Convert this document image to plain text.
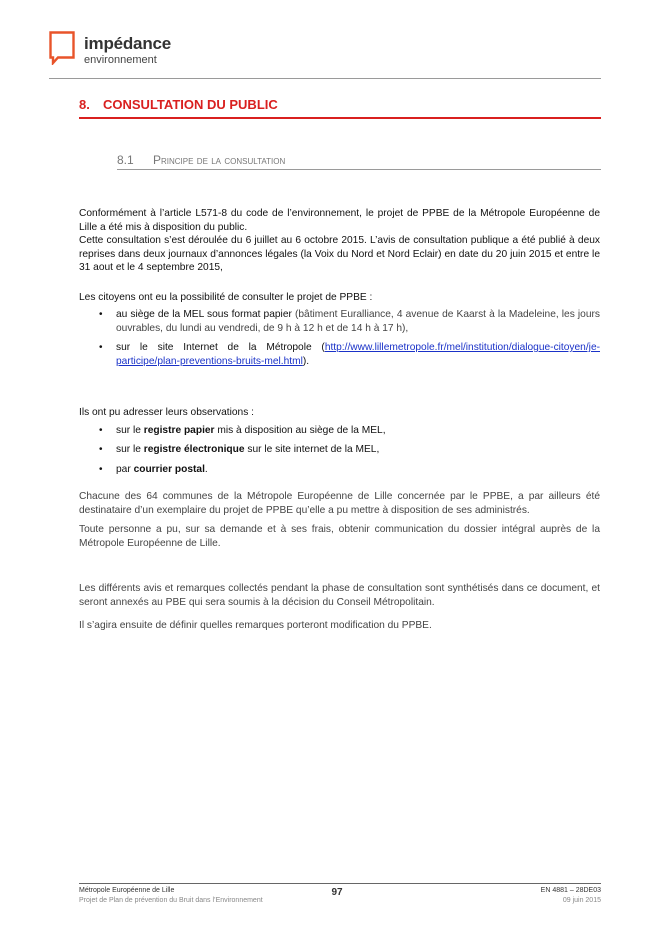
impédance
environnement
8. CONSULTATION DU PUBLIC
8.1 Principe de la consultation

Conformément à l’article L571-8 du code de l’environnement, le projet de PPBE de la Métropole Européenne de Lille a été mis à disposition du public.

Cette consultation s’est déroulée du 6 juillet au 6 octobre 2015. L’avis de consultation publique a été publié à deux reprises dans deux journaux d’annonces légales (la Voix du Nord et Nord Eclair) en date du 20 juin 2015 et entre le 31 aout et le 4 septembre 2015,

Les citoyens ont eu la possibilité de consulter le projet de PPBE :

• au siège de la MEL sous format papier (bâtiment Euralliance, 4 avenue de Kaarst à la Madeleine, les jours ouvrables, du lundi au vendredi, de 9 h à 12 h et de 14 h à 17 h),
• sur le site Internet de la Métropole (http://www.lillemetropole.fr/mel/institution/dialogue-citoyen/je-participe/plan-preventions-bruits-mel.html).

Ils ont pu adresser leurs observations :

• sur le registre papier mis à disposition au siège de la MEL,
• sur le registre électronique sur le site internet de la MEL,
• par courrier postal.

Chacune des 64 communes de la Métropole Européenne de Lille concernée par le PPBE, a par ailleurs été destinataire d’un exemplaire du projet de PPBE qu’elle a pu mettre à disposition de ses administrés.

Toute personne a pu, sur sa demande et à ses frais, obtenir communication du dossier intégral auprès de la Métropole Européenne de Lille.

Les différents avis et remarques collectés pendant la phase de consultation sont synthétisés dans ce document, et seront annexés au PBE qui sera soumis à la décision du Conseil Métropolitain.

Il s’agira ensuite de définir quelles remarques porteront modification du PPBE.

Métropole Européenne de Lille
Projet de Plan de prévention du Bruit dans l’Environnement
97	EN 4881 – 28DE03
09 juin 2015
